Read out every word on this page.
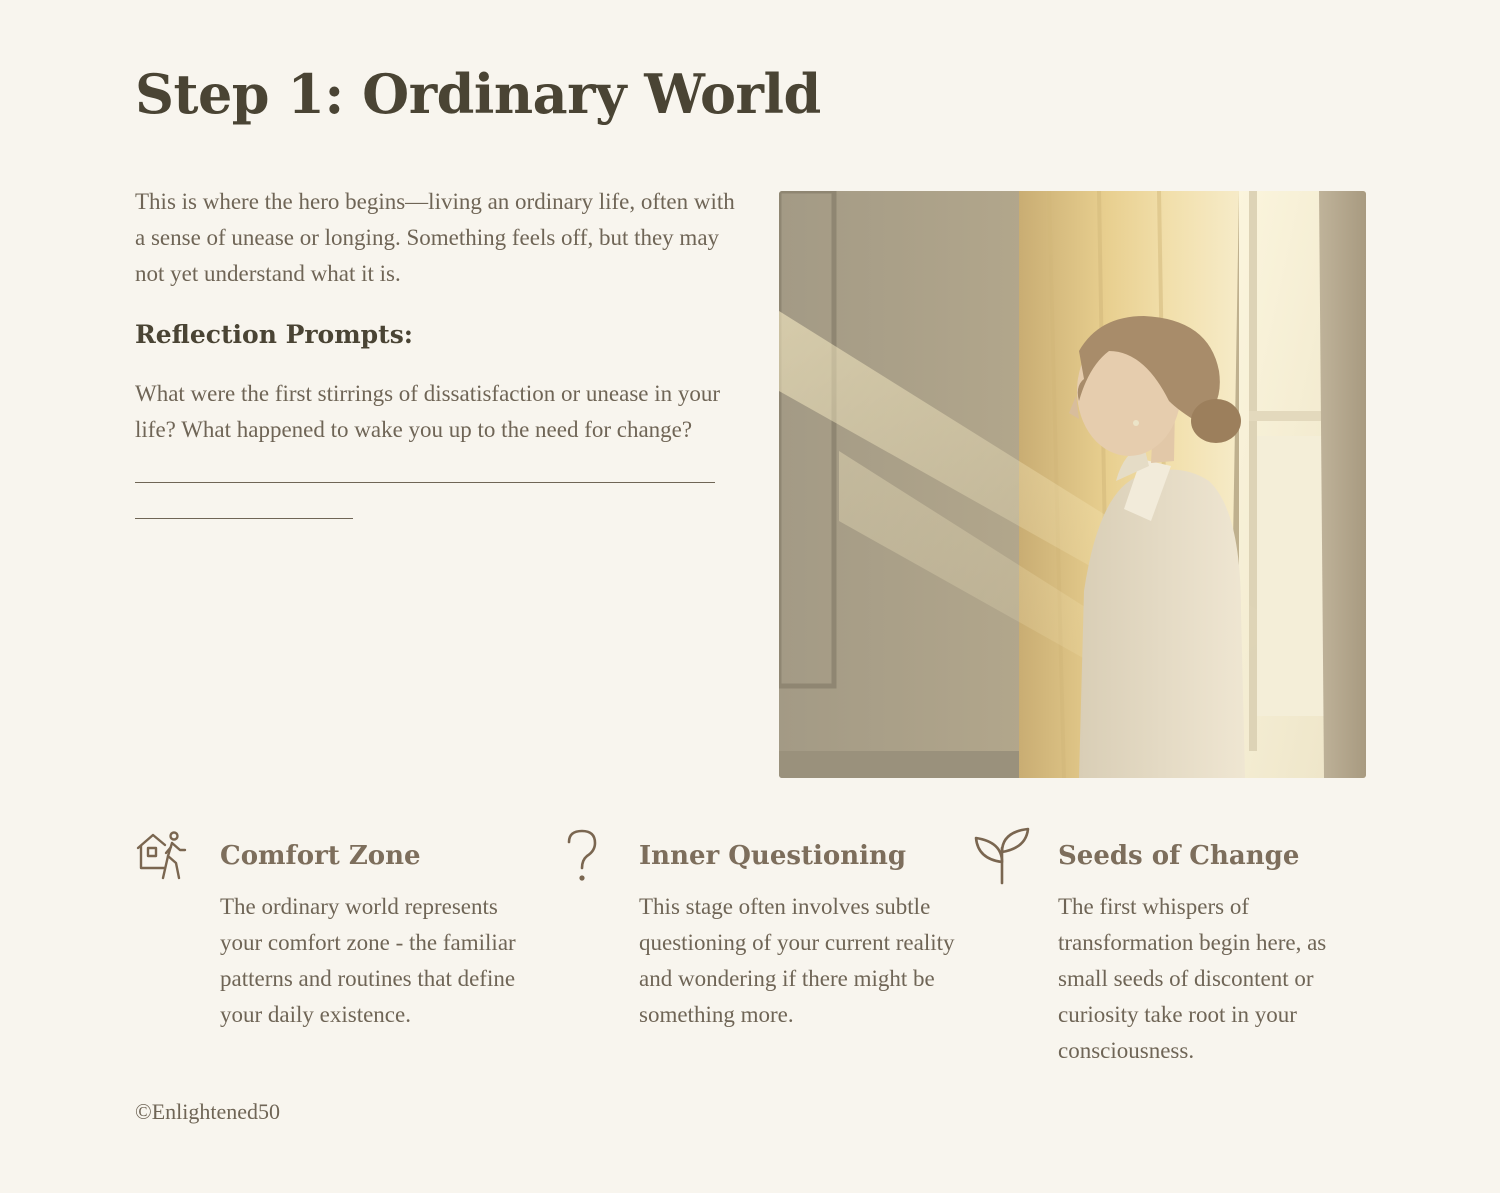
Step 1: Ordinary World

This is where the hero begins—living an ordinary life, often with a sense of unease or longing. Something feels off, but they may not yet understand what it is.

Reflection Prompts:

What were the first stirrings of dissatisfaction or unease in your life? What happened to wake you up to the need for change?

Comfort Zone

The ordinary world represents your comfort zone - the familiar patterns and routines that define your daily existence.

Inner Questioning

This stage often involves subtle questioning of your current reality and wondering if there might be something more.

Seeds of Change

The first whispers of transformation begin here, as small seeds of discontent or curiosity take root in your consciousness.

©Enlightened50
